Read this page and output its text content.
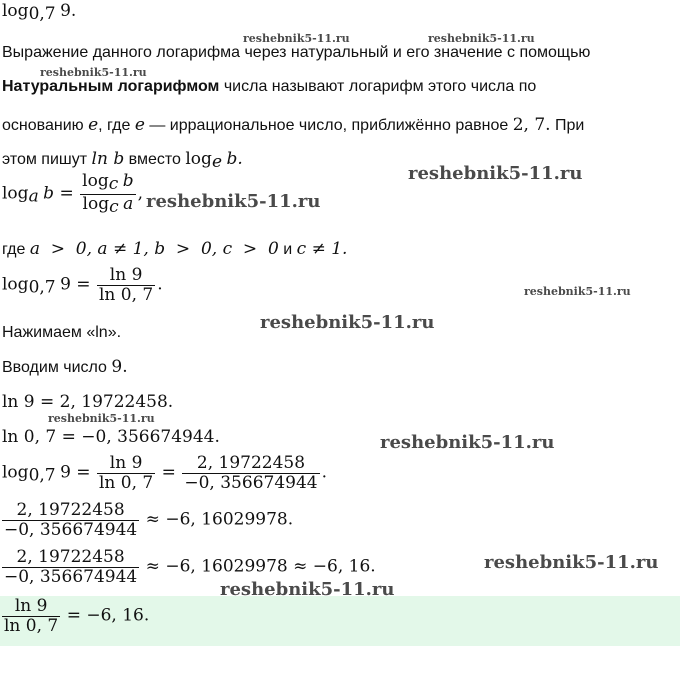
$\log_{0,7} 9$.
Выражение данного логарифма через натуральный и его значение с помощью
Натуральным логарифмом числа называют логарифм этого числа по
основанию e, где e — иррациональное число, приближённо равное 2, 7. При
этом пишут ln b вместо $\log_e b$.
$\log_a b = \frac{\log_c b}{\log_c a}$ ,
где a  >  0, a ≠ 1, b  >  0, c  >  0 и c ≠ 1.
$\log_{0,7} 9 = \frac{\ln 9}{\ln 0, 7}$ .
Нажимаем «ln».
Вводим число 9.
ln 9 = 2, 19722458.
ln 0, 7 = −0, 356674944.
$\log_{0,7} 9 = \frac{\ln 9}{\ln 0, 7} = \frac{2, 19722458}{-0, 356674944}$ .
$\frac{2, 19722458}{-0, 356674944} \approx -6$, 16029978.
$\frac{2, 19722458}{-0, 356674944} \approx -6$, 16029978 ≈ −6, 16.
$\frac{\ln 9}{\ln 0, 7} = -6$, 16.
reshebnik5-11.ru	reshebnik5-11.ru
reshebnik5-11.ru
reshebnik5-11.ru
reshebnik5-11.ru
reshebnik5-11.ru
reshebnik5-11.ru
reshebnik5-11.ru
reshebnik5-11.ru
reshebnik5-11.ru
reshebnik5-11.ru
